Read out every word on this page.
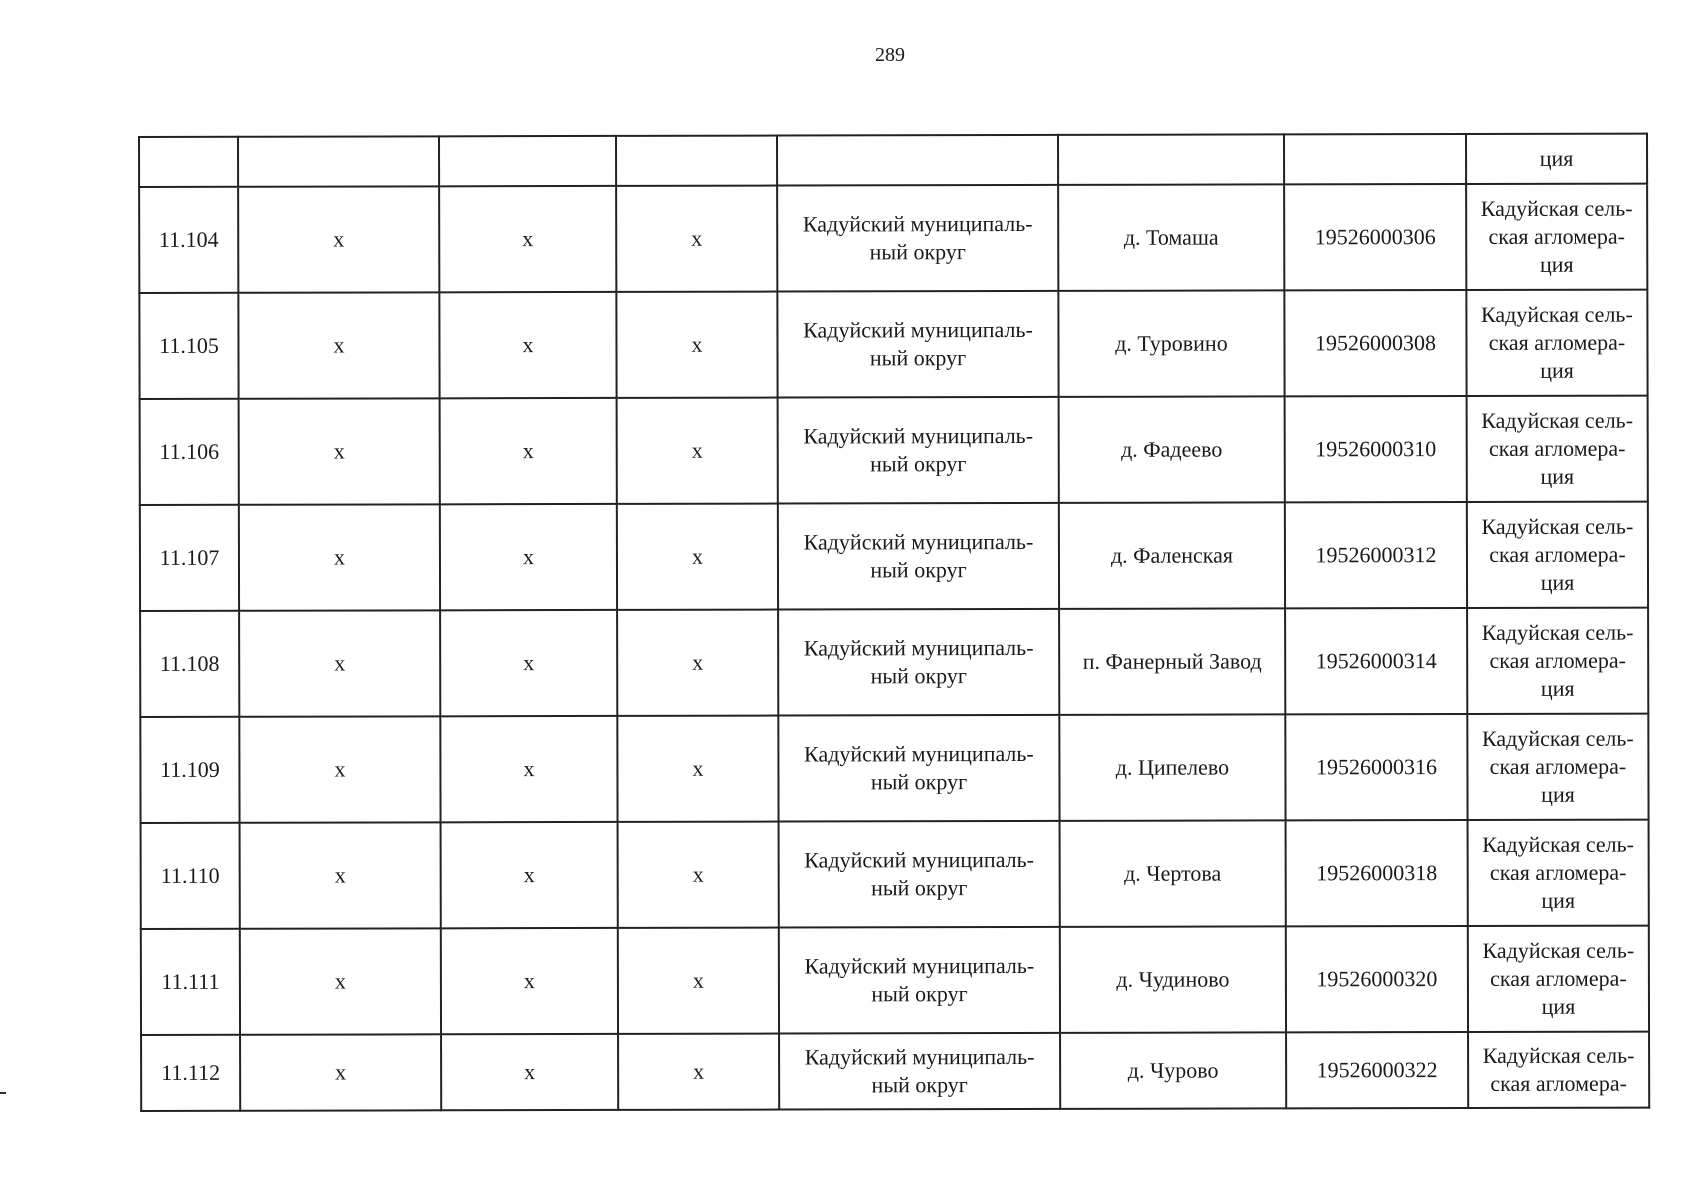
289
							ция
11.104	х	х	х	Кадуйский муниципаль-
ный округ	д. Томаша	19526000306	Кадуйская сель-
ская агломера-
ция

11.105	х	х	х	Кадуйский муниципаль-
ный округ	д. Туровино	19526000308	Кадуйская сель-
ская агломера-
ция

11.106	х	х	х	Кадуйский муниципаль-
ный округ	д. Фадеево	19526000310	Кадуйская сель-
ская агломера-
ция

11.107	х	х	х	Кадуйский муниципаль-
ный округ	д. Фаленская	19526000312	Кадуйская сель-
ская агломера-
ция

11.108	х	х	х	Кадуйский муниципаль-
ный округ	п. Фанерный Завод	19526000314	Кадуйская сель-
ская агломера-
ция

11.109	х	х	х	Кадуйский муниципаль-
ный округ	д. Ципелево	19526000316	Кадуйская сель-
ская агломера-
ция

11.110	х	х	х	Кадуйский муниципаль-
ный округ	д. Чертова	19526000318	Кадуйская сель-
ская агломера-
ция

11.111	х	х	х	Кадуйский муниципаль-
ный округ	д. Чудиново	19526000320	Кадуйская сель-
ская агломера-
ция

11.112	х	х	х	Кадуйский муниципаль-
ный округ	д. Чурово	19526000322	Кадуйская сель-
ская агломера-
